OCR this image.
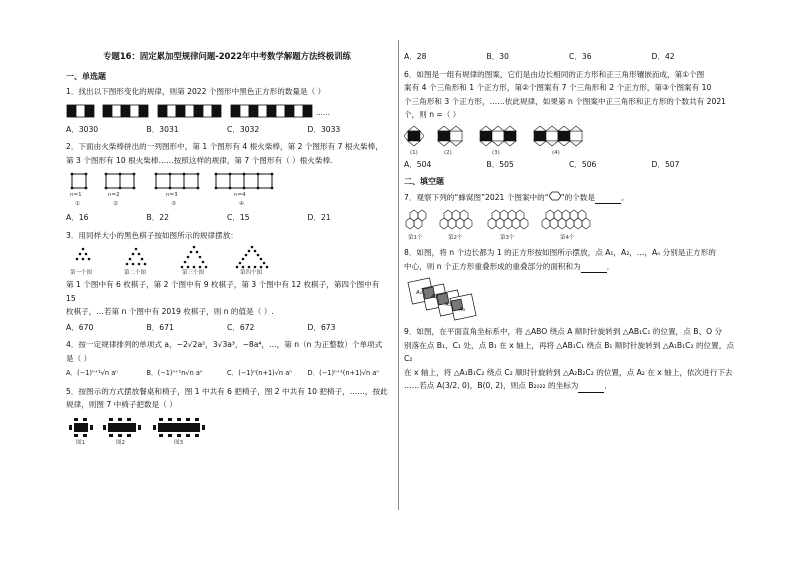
专题16：固定累加型规律问题-2022年中考数学解题方法终极训练
一、单选题

1．找出以下图形变化的规律，则第 2022 个图形中黑色正方形的数量是（ ）

……
A．3030	B．3031	C．3032	D．3033

2．下面由火柴棒拼出的一列图形中，第 1 个图形有 4 根火柴棒，第 2 个图形有 7 根火柴棒，

第 3 个图形有 10 根火柴棒……按照这样的规律，第 7 个图形有（ ）根火柴棒.

n=1	n=2	n=3	n=4
①	②	③	④
A．16	B．22	C．15	D．21

3．用同样大小的黑色棋子按如图所示的规律摆放：

第一个图	第二个图	第三个图	第四个图

第 1 个图中有 6 枚棋子，第 2 个图中有 9 枚棋子，第 3 个图中有 12 枚棋子，第四个图中有 15

枚棋子，…若第 n 个图中有 2019 枚棋子，则 n 的值是（ ）.

A．670	B．671	C．672	D．673

4．按一定规律排列的单项式 a，−2√2a²，3√3a³，−8a⁴，…，第 n（n 为正整数）个单项式

是（ ）

A．(−1)ⁿ⁺¹√n aⁿ	B．(−1)ⁿ⁺¹n√n aⁿ	C．(−1)ⁿ(n+1)√n aⁿ	D．(−1)ⁿ⁺¹(n+1)√n aⁿ

5．按图示的方式摆放餐桌和椅子，图 1 中共有 6 把椅子，图 2 中共有 10 把椅子，……，按此

规律，则图 7 中椅子把数是（ ）

图1	图2	图3
A．28	B．30	C．36	D．42

6．如图是一组有规律的图案，它们是由边长相同的正方形和正三角形镶嵌而成，第①个图

案有 4 个三角形和 1 个正方形，第②个图案有 7 个三角形和 2 个正方形，第③个图案有 10

个三角形和 3 个正方形，……依此规律，如果第 n 个图案中正三角形和正方形的个数共有 2021

个，则 n =（ ）

(1)	(2)	(3)	(4)
A．504	B．505	C．506	D．507
二、填空题

7．观察下列的“蜂窝图”2021 个图案中的“ ”的个数是	。

第1个	第2个	第3个	第4个

8．如图，将 n 个边长都为 1 的正方形按如图所示摆放，点 A₁，A₂，…，Aₙ 分别是正方形的

中心，则 n 个正方形重叠形成的重叠部分的面积和为	．

A₁
A₂
A₃
A₄

9．如图，在平面直角坐标系中，将 △ABO 绕点 A 顺时针旋转到 △AB₁C₁ 的位置，点 B、O 分

别落在点 B₁、C₁ 处，点 B₁ 在 x 轴上，再将 △AB₁C₁ 绕点 B₁ 顺时针旋转到 △A₁B₁C₂ 的位置，点 C₂

在 x 轴上，将 △A₁B₁C₂ 绕点 C₂ 顺时针旋转到 △A₂B₂C₂ 的位置，点 A₂ 在 x 轴上，依次进行下去

……若点 A(3/2, 0)，B(0, 2)，则点 B₂₀₂₂ 的坐标为	．
